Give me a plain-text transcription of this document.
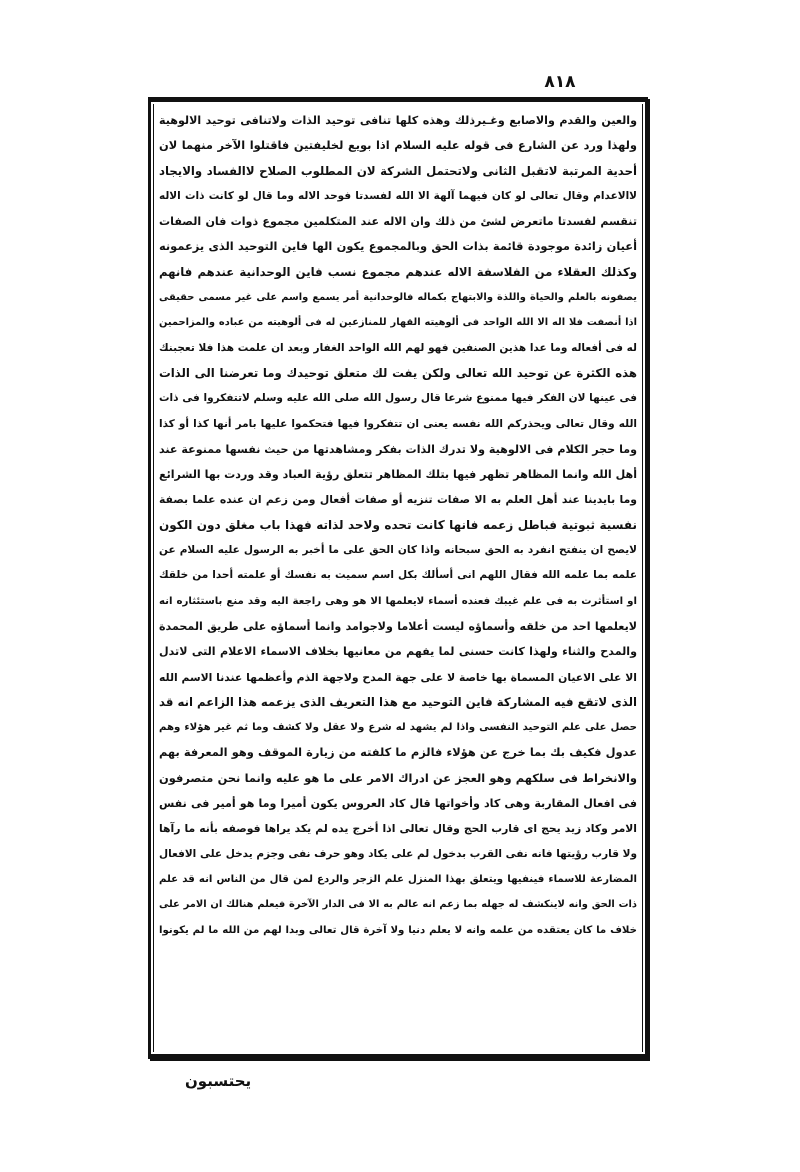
٨١٨
والعين والقدم والاصابع وغـيرذلك وهذه كلها تنافى توحيد الذات ولاتنافى توحيد الالوهية
ولهذا ورد عن الشارع فى قوله عليه السلام اذا بويع لخليفتين فاقتلوا الآخر منهما لان
أحدية المرتبة لاتقبل الثانى ولاتحتمل الشركة لان المطلوب الصلاح لاالفساد والايجاد
لاالاعدام وقال تعالى لو كان فيهما آلهة الا الله لفسدتا فوحد الاله وما قال لو كانت ذات الاله
تنقسم لفسدتا ماتعرض لشئ من ذلك وان الاله عند المتكلمين مجموع ذوات فان الصفات
أعيان زائدة موجودة قائمة بذات الحق وبالمجموع يكون الها فاين التوحيد الذى يزعمونه
وكذلك العقلاء من الفلاسفة الاله عندهم مجموع نسب فاين الوحدانية عندهم فانهم
يصفونه بالعلم والحياة واللذة والابتهاج بكماله فالوحدانية أمر يسمع واسم على غير مسمى حقيقى
اذا أنصفت فلا اله الا الله الواحد فى ألوهيته القهار للمنازعين له فى ألوهيته من عباده والمزاحمين
له فى أفعاله وما عدا هذين الصنفين فهو لهم الله الواحد الغفار وبعد ان علمت هذا فلا تعجبنك
هذه الكثرة عن توحيد الله تعالى ولكن يفت لك متعلق توحيدك وما تعرضنا الى الذات
فى عينها لان الفكر فيها ممنوع شرعا قال رسول الله صلى الله عليه وسلم لاتتفكروا فى ذات
الله وقال تعالى ويحذركم الله نفسه يعنى ان تتفكروا فيها فتحكموا عليها بامر أنها كذا أو كذا
وما حجر الكلام فى الالوهية ولا تدرك الذات بفكر ومشاهدتها من حيث نفسها ممنوعة عند
أهل الله وانما المظاهر تظهر فيها بتلك المظاهر تتعلق رؤية العباد وقد وردت بها الشرائع
وما بايدينا عند أهل العلم به الا صفات تنزيه أو صفات أفعال ومن زعم ان عنده علما بصفة
نفسية ثبوتية فباطل زعمه فانها كانت تحده ولاحد لذاته فهذا باب مغلق دون الكون
لايصح ان ينفتح انفرد به الحق سبحانه واذا كان الحق على ما أخبر به الرسول عليه السلام عن
علمه بما علمه الله فقال اللهم انى أسألك بكل اسم سميت به نفسك أو علمته أحدا من خلقك
او استأثرت به فى علم غيبك فعنده أسماء لايعلمها الا هو وهى راجعة اليه وقد منع باستئثاره انه
لايعلمها احد من خلقه وأسماؤه ليست أعلاما ولاجوامد وانما أسماؤه على طريق المحمدة
والمدح والثناء ولهذا كانت حسنى لما يفهم من معانيها بخلاف الاسماء الاعلام التى لاتدل
الا على الاعيان المسماة بها خاصة لا على جهة المدح ولاجهة الذم وأعظمها عندنا الاسم الله
الذى لاتقع فيه المشاركة فاين التوحيد مع هذا التعريف الذى يزعمه هذا الزاعم انه قد
حصل على علم التوحيد النفسى واذا لم يشهد له شرع ولا عقل ولا كشف وما ثم غير هؤلاء وهم
عدول فكيف بك بما خرج عن هؤلاء فالزم ما كلفته من زيارة الموقف وهو المعرفة بهم
والانخراط فى سلكهم وهو العجز عن ادراك الامر على ما هو عليه وانما نحن متصرفون
فى افعال المقاربة وهى كاد وأخواتها قال كاد العروس يكون أميرا وما هو أمير فى نفس
الامر وكاد زيد يحج اى قارب الحج وقال تعالى اذا أخرج يده لم يكد يراها فوصفه بأنه ما رآها
ولا قارب رؤيتها فانه نفى القرب بدخول لم على يكاد وهو حرف نفى وجزم يدخل على الافعال
المضارعة للاسماء فينفيها ويتعلق بهذا المنزل علم الزجر والردع لمن قال من الناس انه قد علم
ذات الحق وانه لاينكشف له جهله بما زعم انه عالم به الا فى الدار الآخرة فيعلم هنالك ان الامر على
خلاف ما كان يعتقده من علمه وانه لا يعلم دنيا ولا آخرة قال تعالى وبدا لهم من الله ما لم يكونوا
يحتسبون
